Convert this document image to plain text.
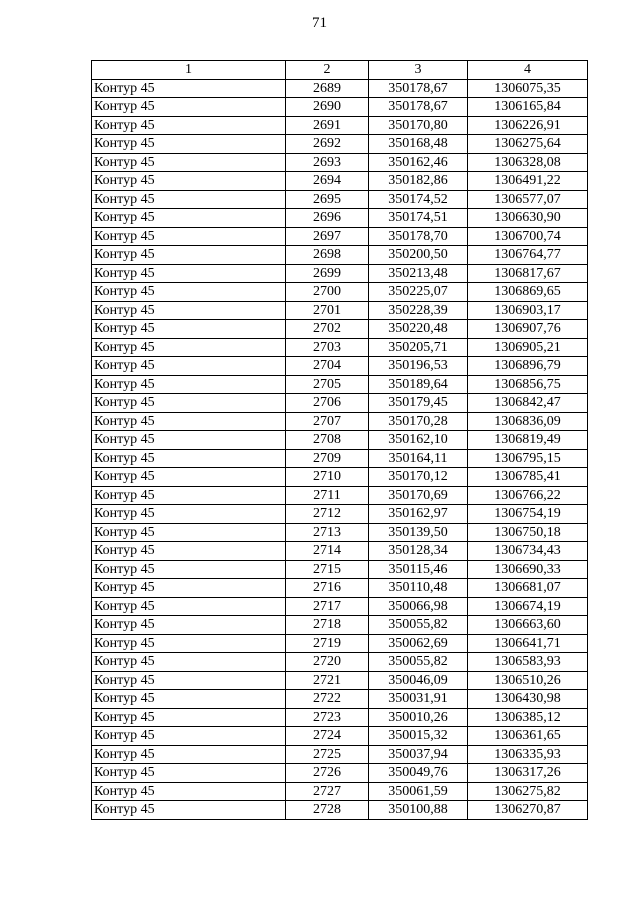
71
1	2	3	4
Контур 45	2689	350178,67	1306075,35
Контур 45	2690	350178,67	1306165,84
Контур 45	2691	350170,80	1306226,91
Контур 45	2692	350168,48	1306275,64
Контур 45	2693	350162,46	1306328,08
Контур 45	2694	350182,86	1306491,22
Контур 45	2695	350174,52	1306577,07
Контур 45	2696	350174,51	1306630,90
Контур 45	2697	350178,70	1306700,74
Контур 45	2698	350200,50	1306764,77
Контур 45	2699	350213,48	1306817,67
Контур 45	2700	350225,07	1306869,65
Контур 45	2701	350228,39	1306903,17
Контур 45	2702	350220,48	1306907,76
Контур 45	2703	350205,71	1306905,21
Контур 45	2704	350196,53	1306896,79
Контур 45	2705	350189,64	1306856,75
Контур 45	2706	350179,45	1306842,47
Контур 45	2707	350170,28	1306836,09
Контур 45	2708	350162,10	1306819,49
Контур 45	2709	350164,11	1306795,15
Контур 45	2710	350170,12	1306785,41
Контур 45	2711	350170,69	1306766,22
Контур 45	2712	350162,97	1306754,19
Контур 45	2713	350139,50	1306750,18
Контур 45	2714	350128,34	1306734,43
Контур 45	2715	350115,46	1306690,33
Контур 45	2716	350110,48	1306681,07
Контур 45	2717	350066,98	1306674,19
Контур 45	2718	350055,82	1306663,60
Контур 45	2719	350062,69	1306641,71
Контур 45	2720	350055,82	1306583,93
Контур 45	2721	350046,09	1306510,26
Контур 45	2722	350031,91	1306430,98
Контур 45	2723	350010,26	1306385,12
Контур 45	2724	350015,32	1306361,65
Контур 45	2725	350037,94	1306335,93
Контур 45	2726	350049,76	1306317,26
Контур 45	2727	350061,59	1306275,82
Контур 45	2728	350100,88	1306270,87
